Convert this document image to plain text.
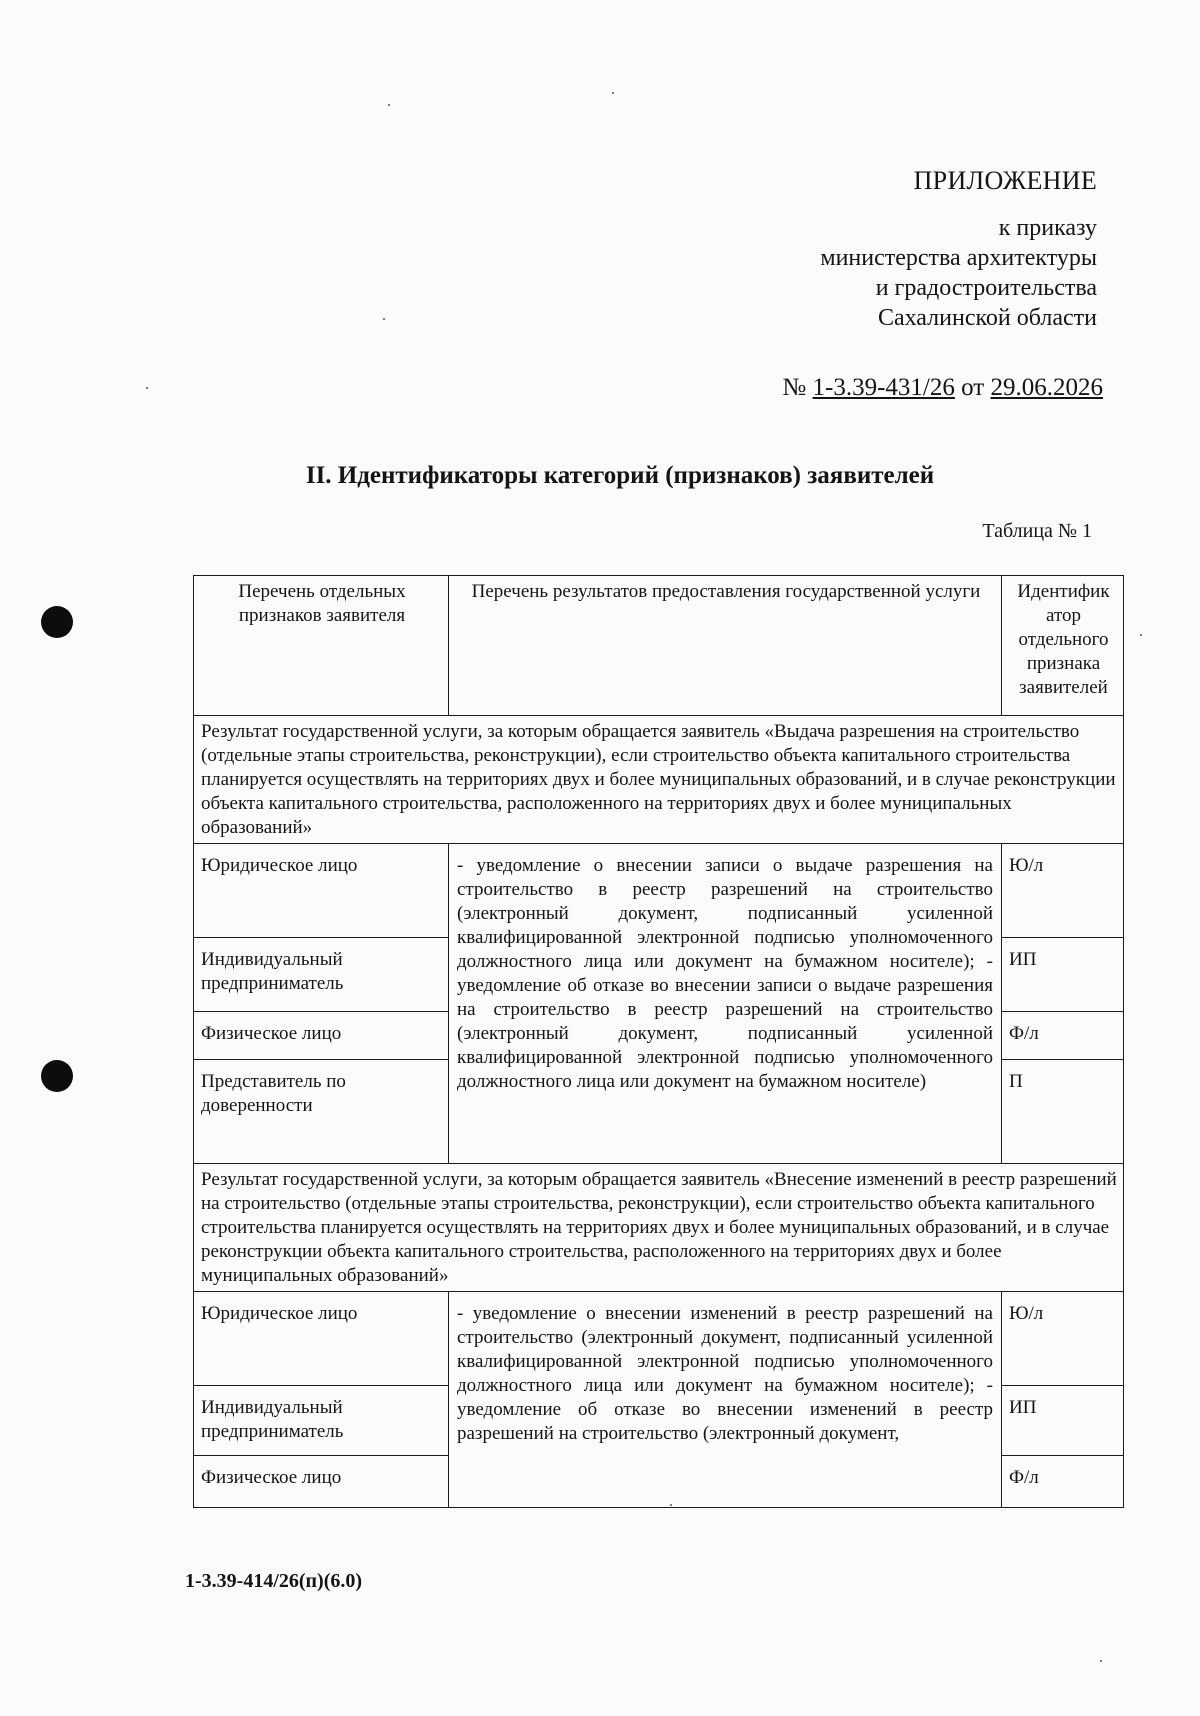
ПРИЛОЖЕНИЕ
к приказу
министерства архитектуры
и градостроительства
Сахалинской области
№ 1-3.39-431/26 от 29.06.2026
II. Идентификаторы категорий (признаков) заявителей
Таблица № 1
Перечень отдельных признаков заявителя	Перечень результатов предоставления государственной услуги	Идентифик атор отдельного признака заявителей
Результат государственной услуги, за которым обращается заявитель «Выдача разрешения на строительство (отдельные этапы строительства, реконструкции), если строительство объекта капитального строительства планируется осуществлять на территориях двух и более муниципальных образований, и в случае реконструкции объекта капитального строительства, расположенного на территориях двух и более муниципальных образований»		
Юридическое лицо	- уведомление о внесении записи о выдаче разрешения на строительство в реестр разрешений на строительство (электронный документ, подписанный усиленной квалифицированной электронной подписью уполномоченного должностного лица или документ на бумажном носителе); - уведомление об отказе во внесении записи о выдаче разрешения на строительство в реестр разрешений на строительство (электронный документ, подписанный усиленной квалифицированной электронной подписью уполномоченного должностного лица или документ на бумажном носителе)	Ю/л
Индивидуальный предприниматель		ИП
Физическое лицо		Ф/л
Представитель по доверенности		П
Результат государственной услуги, за которым обращается заявитель «Внесение изменений в реестр разрешений на строительство (отдельные этапы строительства, реконструкции), если строительство объекта капитального строительства планируется осуществлять на территориях двух и более муниципальных образований, и в случае реконструкции объекта капитального строительства, расположенного на территориях двух и более муниципальных образований»		
Юридическое лицо	- уведомление о внесении изменений в реестр разрешений на строительство (электронный документ, подписанный усиленной квалифицированной электронной подписью уполномоченного должностного лица или документ на бумажном носителе); - уведомление об отказе во внесении изменений в реестр разрешений на строительство (электронный документ,	Ю/л
Индивидуальный предприниматель		ИП
Физическое лицо		Ф/л
1-3.39-414/26(п)(6.0)
